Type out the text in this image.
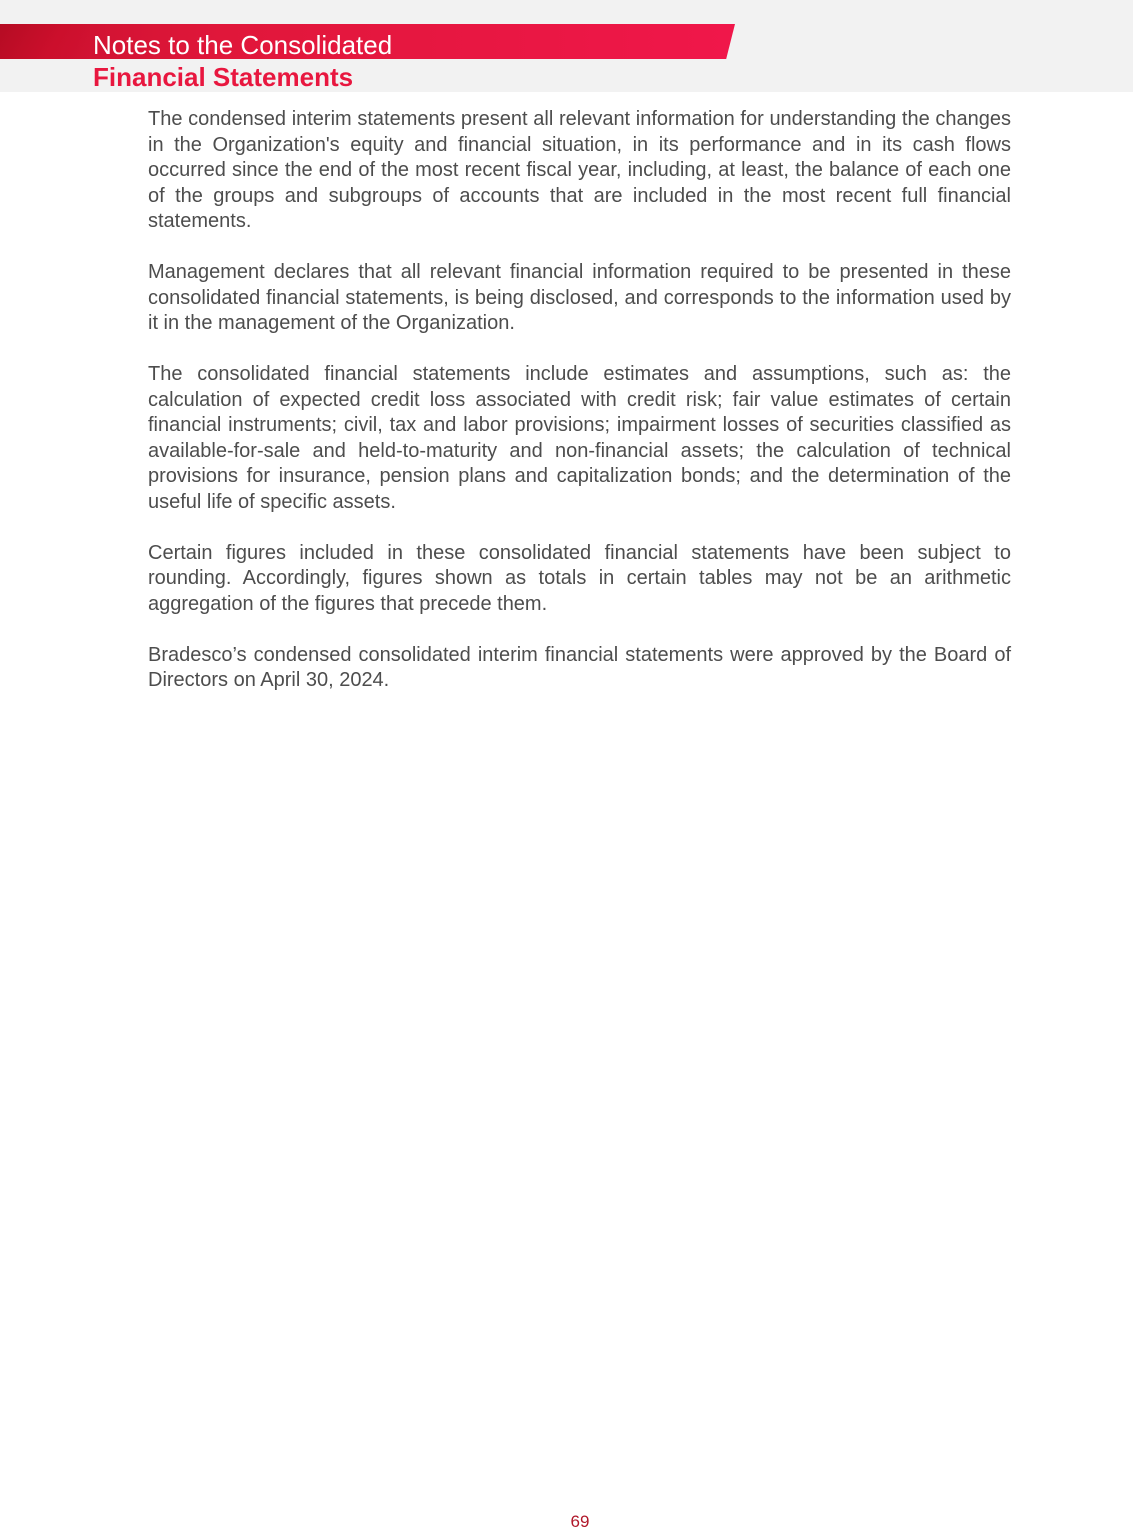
Notes to the Consolidated
Financial Statements

The condensed interim statements present all relevant information for understanding the changes in the Organization's equity and financial situation, in its performance and in its cash flows occurred since the end of the most recent fiscal year, including, at least, the balance of each one of the groups and subgroups of accounts that are included in the most recent full financial statements.

Management declares that all relevant financial information required to be presented in these consolidated financial statements, is being disclosed, and corresponds to the information used by it in the management of the Organization.

The consolidated financial statements include estimates and assumptions, such as: the calculation of expected credit loss associated with credit risk; fair value estimates of certain financial instruments; civil, tax and labor provisions; impairment losses of securities classified as available-for-sale and held-to-maturity and non-financial assets; the calculation of technical provisions for insurance, pension plans and capitalization bonds; and the determination of the useful life of specific assets.

Certain figures included in these consolidated financial statements have been subject to rounding. Accordingly, figures shown as totals in certain tables may not be an arithmetic aggregation of the figures that precede them.

Bradesco’s condensed consolidated interim financial statements were approved by the Board of Directors on April 30, 2024.

69
